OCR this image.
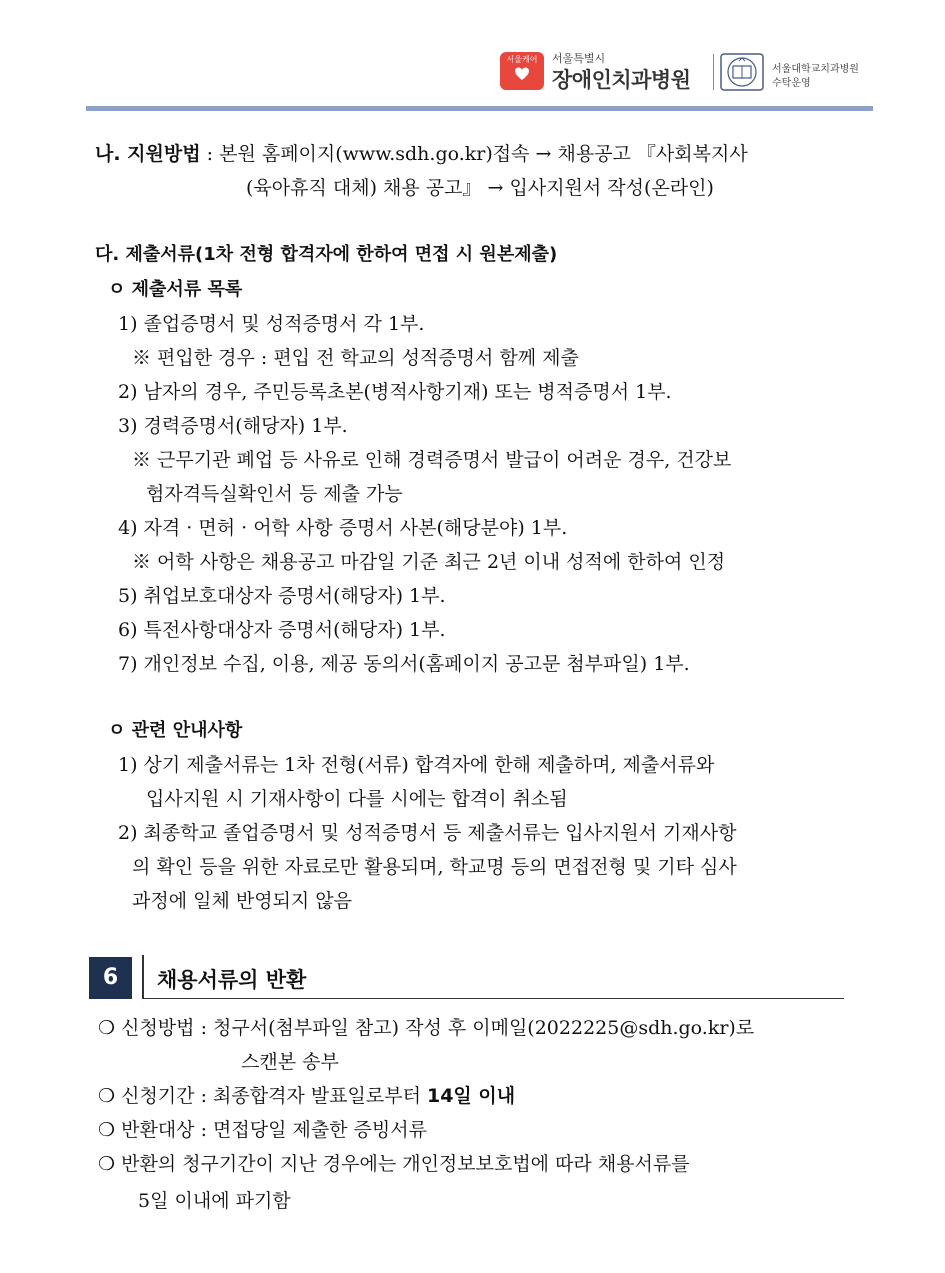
서울케어	서울특별시
장애인치과병원	서울대학교치과병원
수탁운영
나. 지원방법 : 본원 홈페이지(www.sdh.go.kr)접속 → 채용공고 『사회복지사
(육아휴직 대체) 채용 공고』 → 입사지원서 작성(온라인)
다. 제출서류(1차 전형 합격자에 한하여 면접 시 원본제출)
ㅇ 제출서류 목록
1) 졸업증명서 및 성적증명서 각 1부.
※ 편입한 경우 : 편입 전 학교의 성적증명서 함께 제출
2) 남자의 경우, 주민등록초본(병적사항기재) 또는 병적증명서 1부.
3) 경력증명서(해당자) 1부.
※ 근무기관 폐업 등 사유로 인해 경력증명서 발급이 어려운 경우, 건강보
험자격득실확인서 등 제출 가능
4) 자격 · 면허 · 어학 사항 증명서 사본(해당분야) 1부.
※ 어학 사항은 채용공고 마감일 기준 최근 2년 이내 성적에 한하여 인정
5) 취업보호대상자 증명서(해당자) 1부.
6) 특전사항대상자 증명서(해당자) 1부.
7) 개인정보 수집, 이용, 제공 동의서(홈페이지 공고문 첨부파일) 1부.
ㅇ 관련 안내사항
1) 상기 제출서류는 1차 전형(서류) 합격자에 한해 제출하며, 제출서류와
입사지원 시 기재사항이 다를 시에는 합격이 취소됨
2) 최종학교 졸업증명서 및 성적증명서 등 제출서류는 입사지원서 기재사항
의 확인 등을 위한 자료로만 활용되며, 학교명 등의 면접전형 및 기타 심사
과정에 일체 반영되지 않음
6	채용서류의 반환
❍ 신청방법 : 청구서(첨부파일 참고) 작성 후 이메일(2022225@sdh.go.kr)로
스캔본 송부
❍ 신청기간 : 최종합격자 발표일로부터 14일 이내
❍ 반환대상 : 면접당일 제출한 증빙서류
❍ 반환의 청구기간이 지난 경우에는 개인정보보호법에 따라 채용서류를
5일 이내에 파기함
